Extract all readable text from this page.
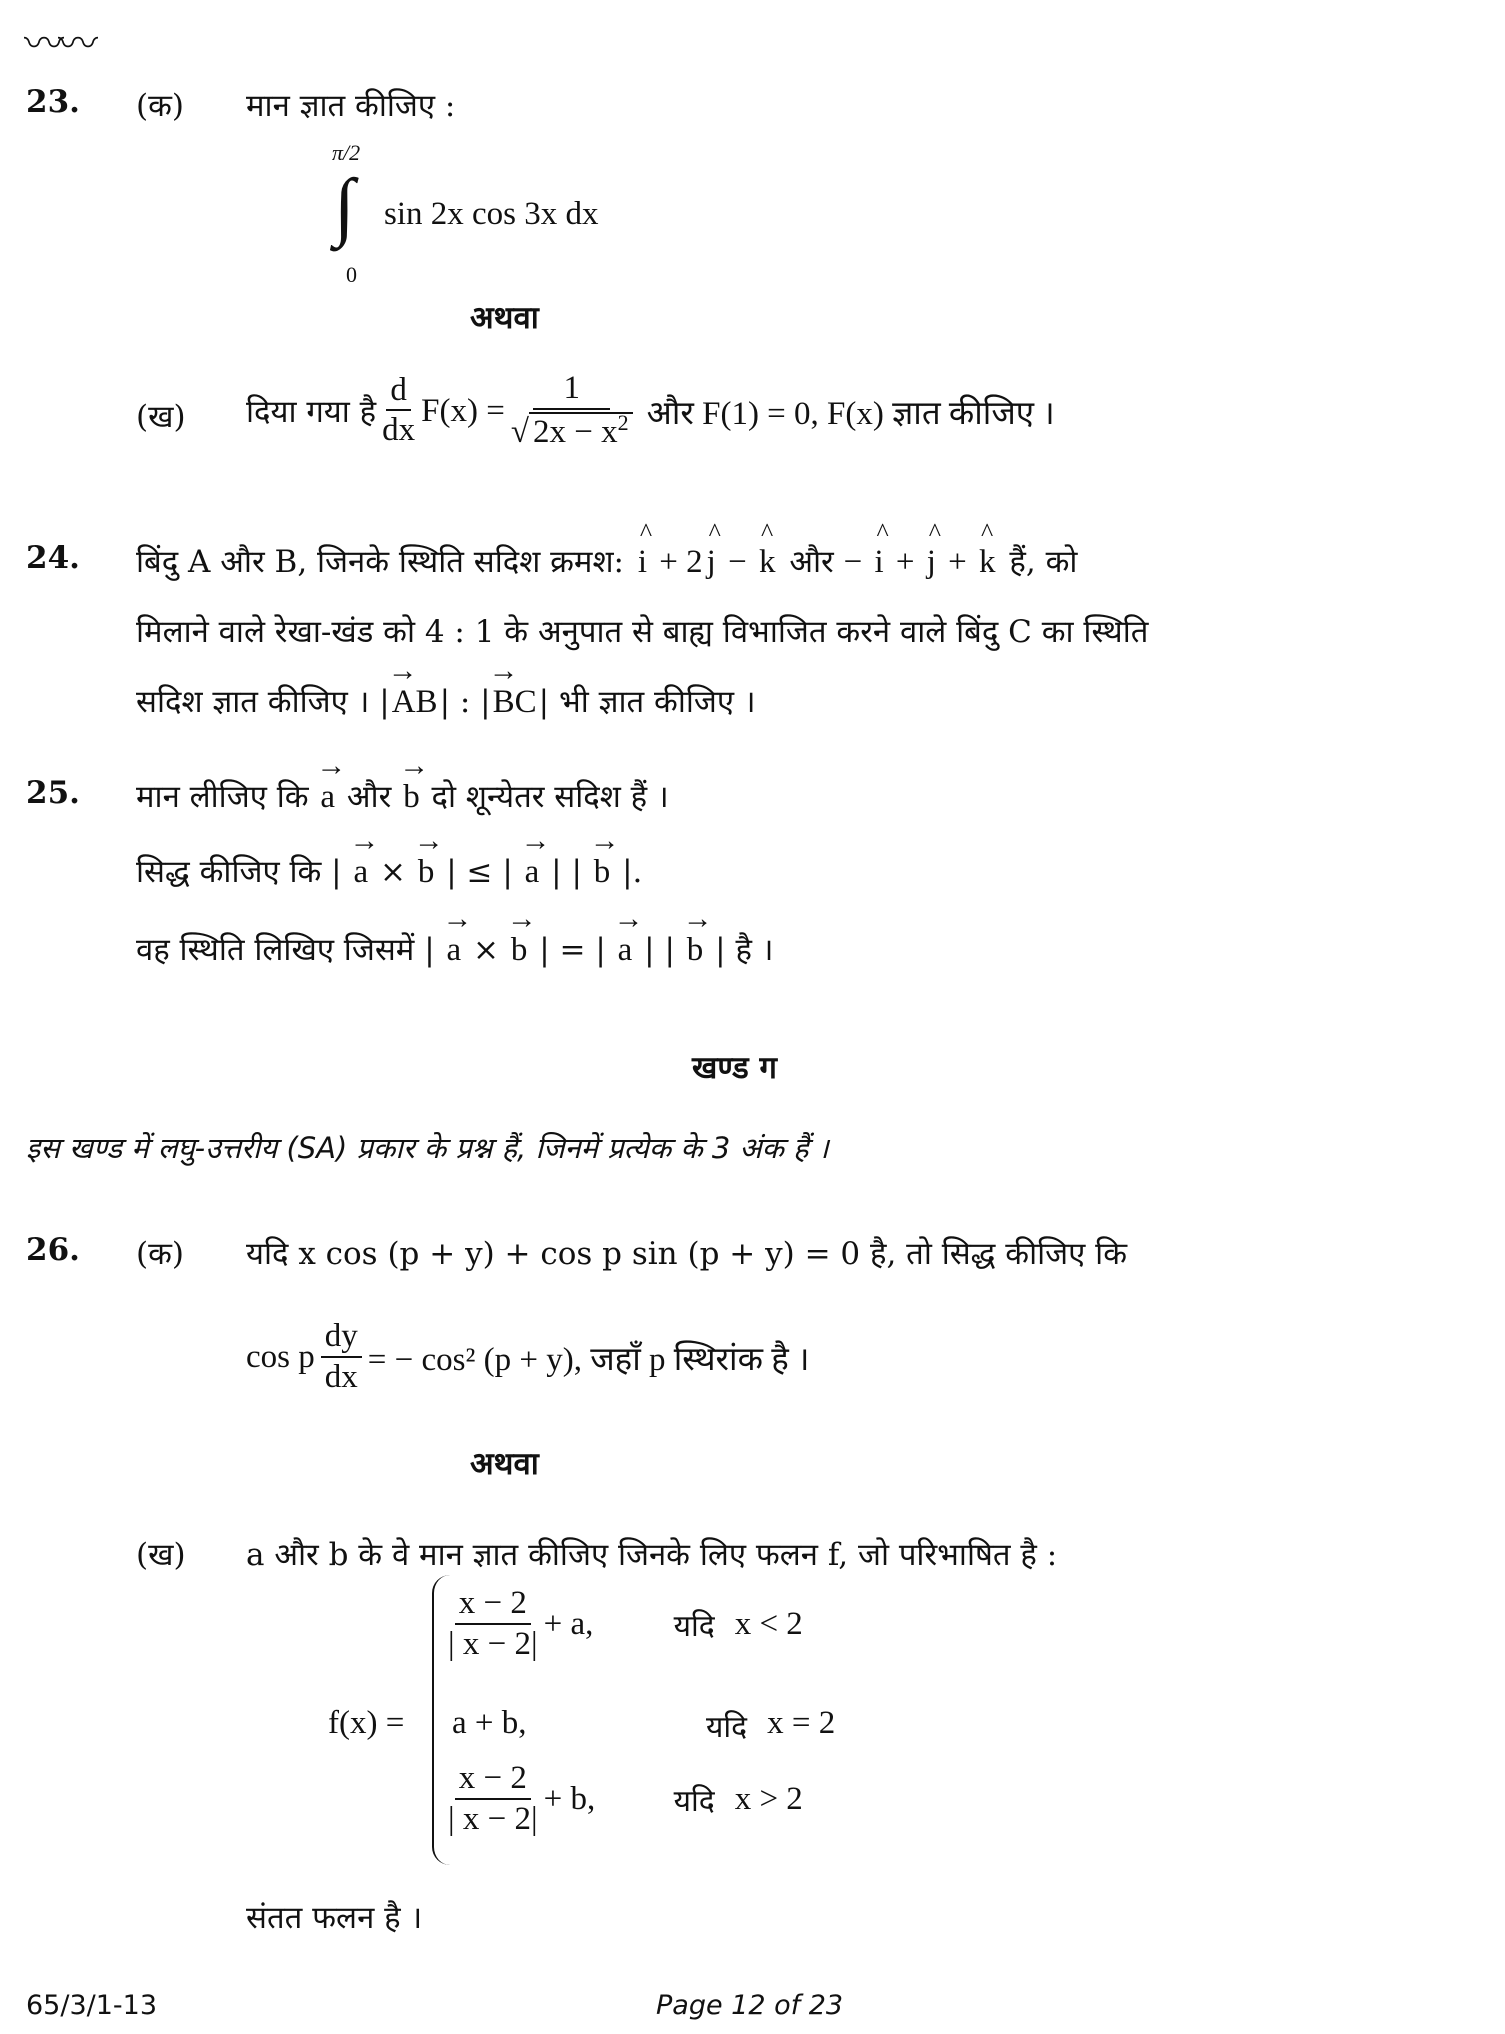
〰〰
23. (क) मान ज्ञात कीजिए :
π/2
∫
0
sin 2x cos 3x dx
अथवा
(ख) दिया गया है $\frac{d}{dx} F(x) = \frac{1}{√ 2x - x^2}$ और F(1) = 0, F(x) ज्ञात कीजिए ।
24. बिंदु A और B, जिनके स्थिति सदिश क्रमश: ^ i + 2 ^ j − ^ k और − ^ i + ^ j + ^ k हैं, को
मिलाने वाले रेखा-खंड को 4 : 1 के अनुपात से बाह्य विभाजित करने वाले बिंदु C का स्थिति
सदिश ज्ञात कीजिए । |→ AB| : |→ BC| भी ज्ञात कीजिए ।
25. मान लीजिए कि → a और → b दो शून्येतर सदिश हैं ।
सिद्ध कीजिए कि | → a × → b | ≤ | → a | | → b |.
वह स्थिति लिखिए जिसमें | → a × → b | = | → a | | → b | है ।
खण्ड ग
इस खण्ड में लघु-उत्तरीय (SA) प्रकार के प्रश्न हैं, जिनमें प्रत्येक के 3 अंक हैं ।
26. (क) यदि x cos (p + y) + cos p sin (p + y) = 0 है, तो सिद्ध कीजिए कि
cos p $\frac{dy}{dx}$ = − cos² (p + y), जहाँ p स्थिरांक है ।
अथवा
(ख) a और b के वे मान ज्ञात कीजिए जिनके लिए फलन f, जो परिभाषित है :
f(x) =
$\frac{x - 2}{| x - 2|} + a$,	यदि x < 2
a + b,	यदि x = 2
$\frac{x - 2}{| x - 2|} + b$,	यदि x > 2
संतत फलन है ।
65/3/1-13	Page 12 of 23
